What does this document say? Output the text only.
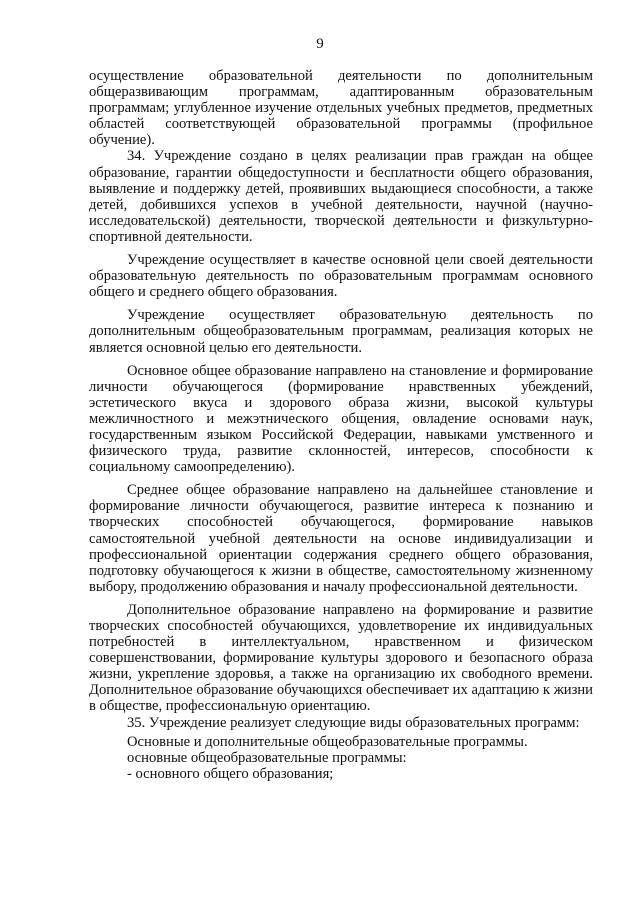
9

осуществление образовательной деятельности по дополнительным общеразвивающим программам, адаптированным образовательным программам; углубленное изучение отдельных учебных предметов, предметных областей соответствующей образовательной программы (профильное обучение).

34. Учреждение создано в целях реализации прав граждан на общее образование, гарантии общедоступности и бесплатности общего образования, выявление и поддержку детей, проявивших выдающиеся способности, а также детей, добившихся успехов в учебной деятельности, научной (научно-исследовательской) деятельности, творческой деятельности и физкультурно-спортивной деятельности.

Учреждение осуществляет в качестве основной цели своей деятельности образовательную деятельность по образовательным программам основного общего и среднего общего образования.

Учреждение осуществляет образовательную деятельность по дополнительным общеобразовательным программам, реализация которых не является основной целью его деятельности.

Основное общее образование направлено на становление и формирование личности обучающегося (формирование нравственных убеждений, эстетического вкуса и здорового образа жизни, высокой культуры межличностного и межэтнического общения, овладение основами наук, государственным языком Российской Федерации, навыками умственного и физического труда, развитие склонностей, интересов, способности к социальному самоопределению).

Среднее общее образование направлено на дальнейшее становление и формирование личности обучающегося, развитие интереса к познанию и творческих способностей обучающегося, формирование навыков самостоятельной учебной деятельности на основе индивидуализации и профессиональной ориентации содержания среднего общего образования, подготовку обучающегося к жизни в обществе, самостоятельному жизненному выбору, продолжению образования и началу профессиональной деятельности.

Дополнительное образование направлено на формирование и развитие творческих способностей обучающихся, удовлетворение их индивидуальных потребностей в интеллектуальном, нравственном и физическом совершенствовании, формирование культуры здорового и безопасного образа жизни, укрепление здоровья, а также на организацию их свободного времени. Дополнительное образование обучающихся обеспечивает их адаптацию к жизни в обществе, профессиональную ориентацию.

35. Учреждение реализует следующие виды образовательных программ:

Основные и дополнительные общеобразовательные программы.

основные общеобразовательные программы:

- основного общего образования;
